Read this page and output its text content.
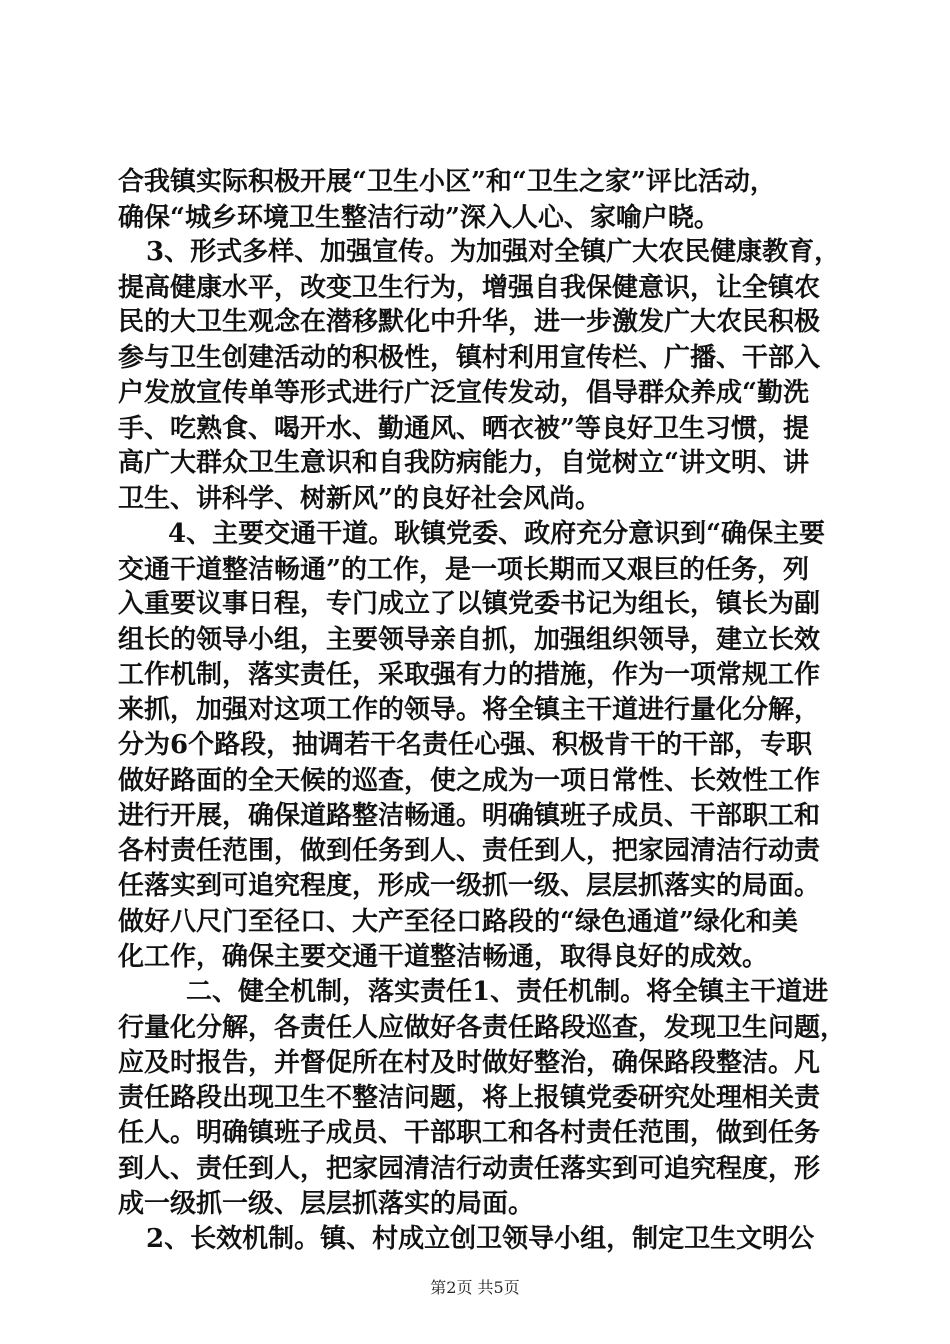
合我镇实际积极开展“卫生小区”和“卫生之家”评比活动，
确保“城乡环境卫生整洁行动”深入人心、家喻户晓。
3、形式多样、加强宣传。为加强对全镇广大农民健康教育，
提高健康水平，改变卫生行为，增强自我保健意识，让全镇农
民的大卫生观念在潜移默化中升华，进一步激发广大农民积极
参与卫生创建活动的积极性，镇村利用宣传栏、广播、干部入
户发放宣传单等形式进行广泛宣传发动，倡导群众养成“勤洗
手、吃熟食、喝开水、勤通风、晒衣被”等良好卫生习惯，提
高广大群众卫生意识和自我防病能力，自觉树立“讲文明、讲
卫生、讲科学、树新风”的良好社会风尚。
4、主要交通干道。耿镇党委、政府充分意识到“确保主要
交通干道整洁畅通”的工作，是一项长期而又艰巨的任务，列
入重要议事日程，专门成立了以镇党委书记为组长，镇长为副
组长的领导小组，主要领导亲自抓，加强组织领导，建立长效
工作机制，落实责任，采取强有力的措施，作为一项常规工作
来抓，加强对这项工作的领导。将全镇主干道进行量化分解，
分为6个路段，抽调若干名责任心强、积极肯干的干部，专职
做好路面的全天候的巡查，使之成为一项日常性、长效性工作
进行开展，确保道路整洁畅通。明确镇班子成员、干部职工和
各村责任范围，做到任务到人、责任到人，把家园清洁行动责
任落实到可追究程度，形成一级抓一级、层层抓落实的局面。
做好八尺门至径口、大产至径口路段的“绿色通道”绿化和美
化工作，确保主要交通干道整洁畅通，取得良好的成效。
二、健全机制，落实责任1、责任机制。将全镇主干道进
行量化分解，各责任人应做好各责任路段巡查，发现卫生问题，
应及时报告，并督促所在村及时做好整治，确保路段整洁。凡
责任路段出现卫生不整洁问题，将上报镇党委研究处理相关责
任人。明确镇班子成员、干部职工和各村责任范围，做到任务
到人、责任到人，把家园清洁行动责任落实到可追究程度，形
成一级抓一级、层层抓落实的局面。
2、长效机制。镇、村成立创卫领导小组，制定卫生文明公
第2页 共5页
